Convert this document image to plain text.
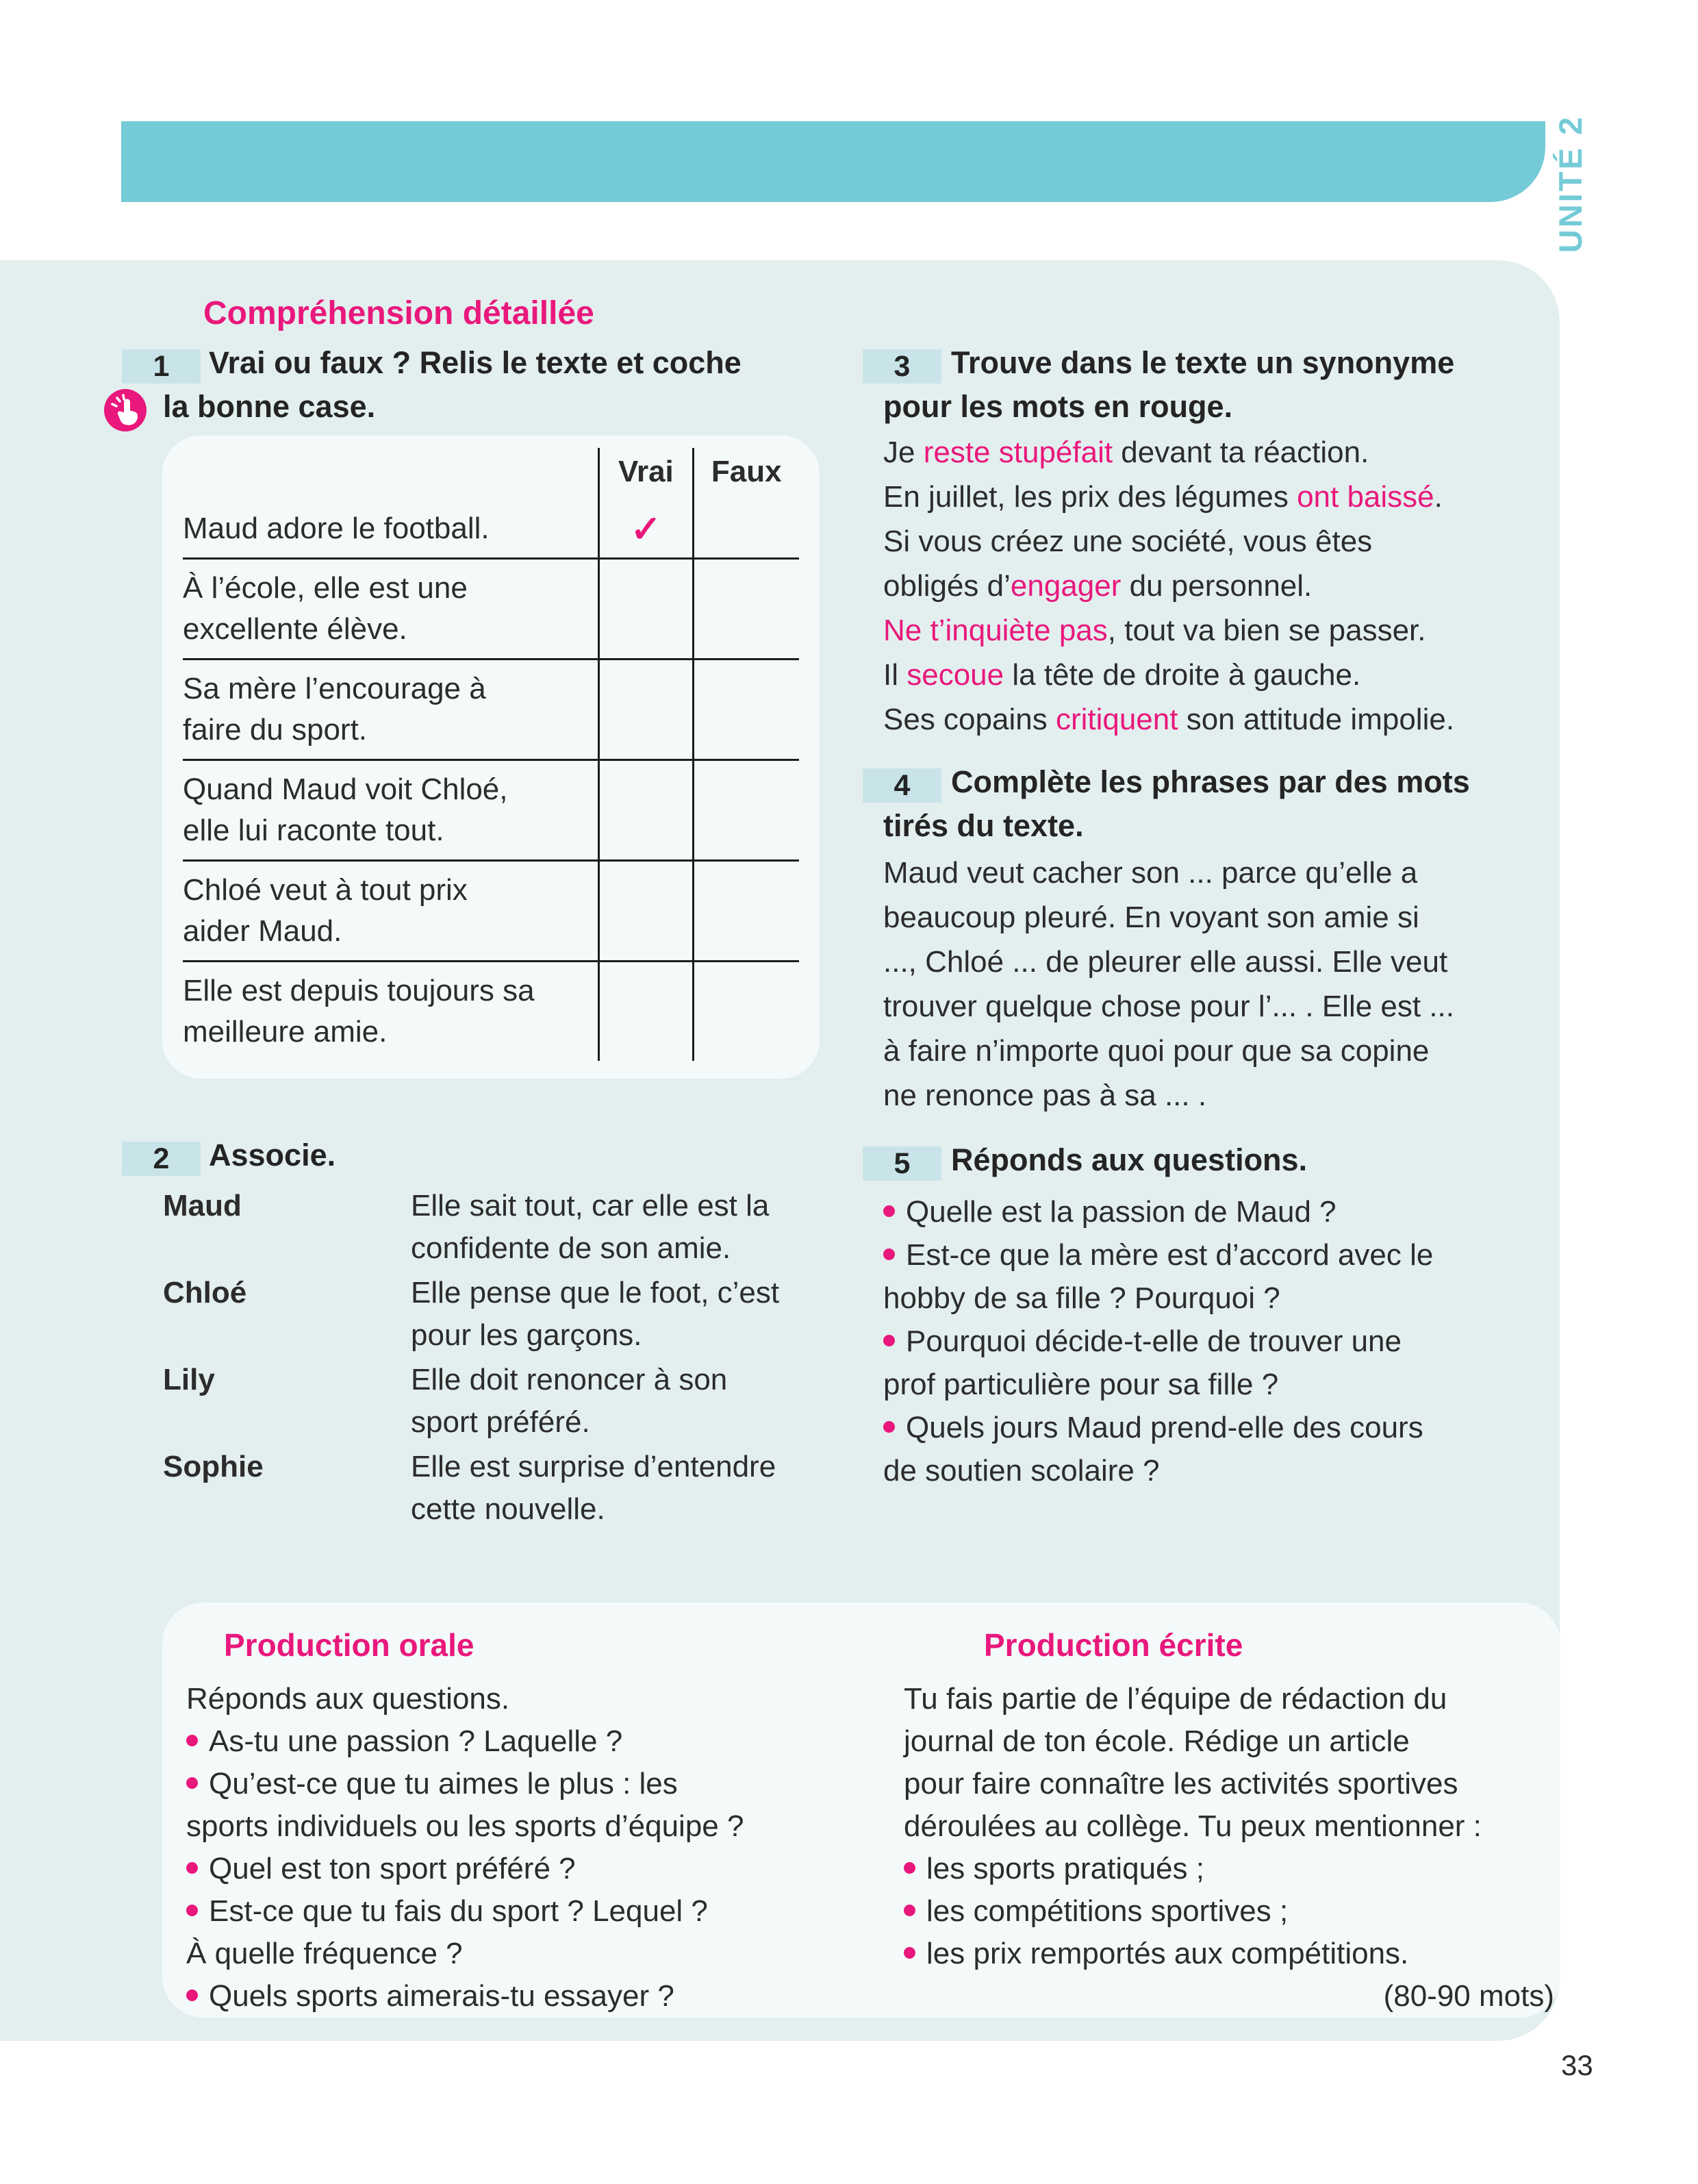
UNITÉ 2
Compréhension détaillée
1 Vrai ou faux ? Relis le texte et coche
la bonne case.
	Vrai	Faux
Maud adore le football.	✓	
À l’école, elle est une
excellente élève.		
Sa mère l’encourage à
faire du sport.		
Quand Maud voit Chloé,
elle lui raconte tout.		
Chloé veut à tout prix
aider Maud.		
Elle est depuis toujours sa
meilleure amie.		
2 Associe.
Maud	Elle sait tout, car elle est la
confidente de son amie.
Chloé	Elle pense que le foot, c’est
pour les garçons.
Lily	Elle doit renoncer à son
sport préféré.
Sophie	Elle est surprise d’entendre
cette nouvelle.
3 Trouve dans le texte un synonyme
pour les mots en rouge.
Je reste stupéfait devant ta réaction.
En juillet, les prix des légumes ont baissé.
Si vous créez une société, vous êtes
obligés d’engager du personnel.
Ne t’inquiète pas, tout va bien se passer.
Il secoue la tête de droite à gauche.
Ses copains critiquent son attitude impolie.
4 Complète les phrases par des mots
tirés du texte.
Maud veut cacher son ... parce qu’elle a
beaucoup pleuré. En voyant son amie si
..., Chloé ... de pleurer elle aussi. Elle veut
trouver quelque chose pour l’... . Elle est ...
à faire n’importe quoi pour que sa copine
ne renonce pas à sa ... .
5 Réponds aux questions.
Quelle est la passion de Maud ?
Est-ce que la mère est d’accord avec le
hobby de sa fille ? Pourquoi ?
Pourquoi décide-t-elle de trouver une
prof particulière pour sa fille ?
Quels jours Maud prend-elle des cours
de soutien scolaire ?
Production orale
Réponds aux questions.
As-tu une passion ? Laquelle ?
Qu’est-ce que tu aimes le plus : les
sports individuels ou les sports d’équipe ?
Quel est ton sport préféré ?
Est-ce que tu fais du sport ? Lequel ?
À quelle fréquence ?
Quels sports aimerais-tu essayer ?
Production écrite
Tu fais partie de l’équipe de rédaction du
journal de ton école. Rédige un article
pour faire connaître les activités sportives
déroulées au collège. Tu peux mentionner :
les sports pratiqués ;
les compétitions sportives ;
les prix remportés aux compétitions.
(80-90 mots)
33
